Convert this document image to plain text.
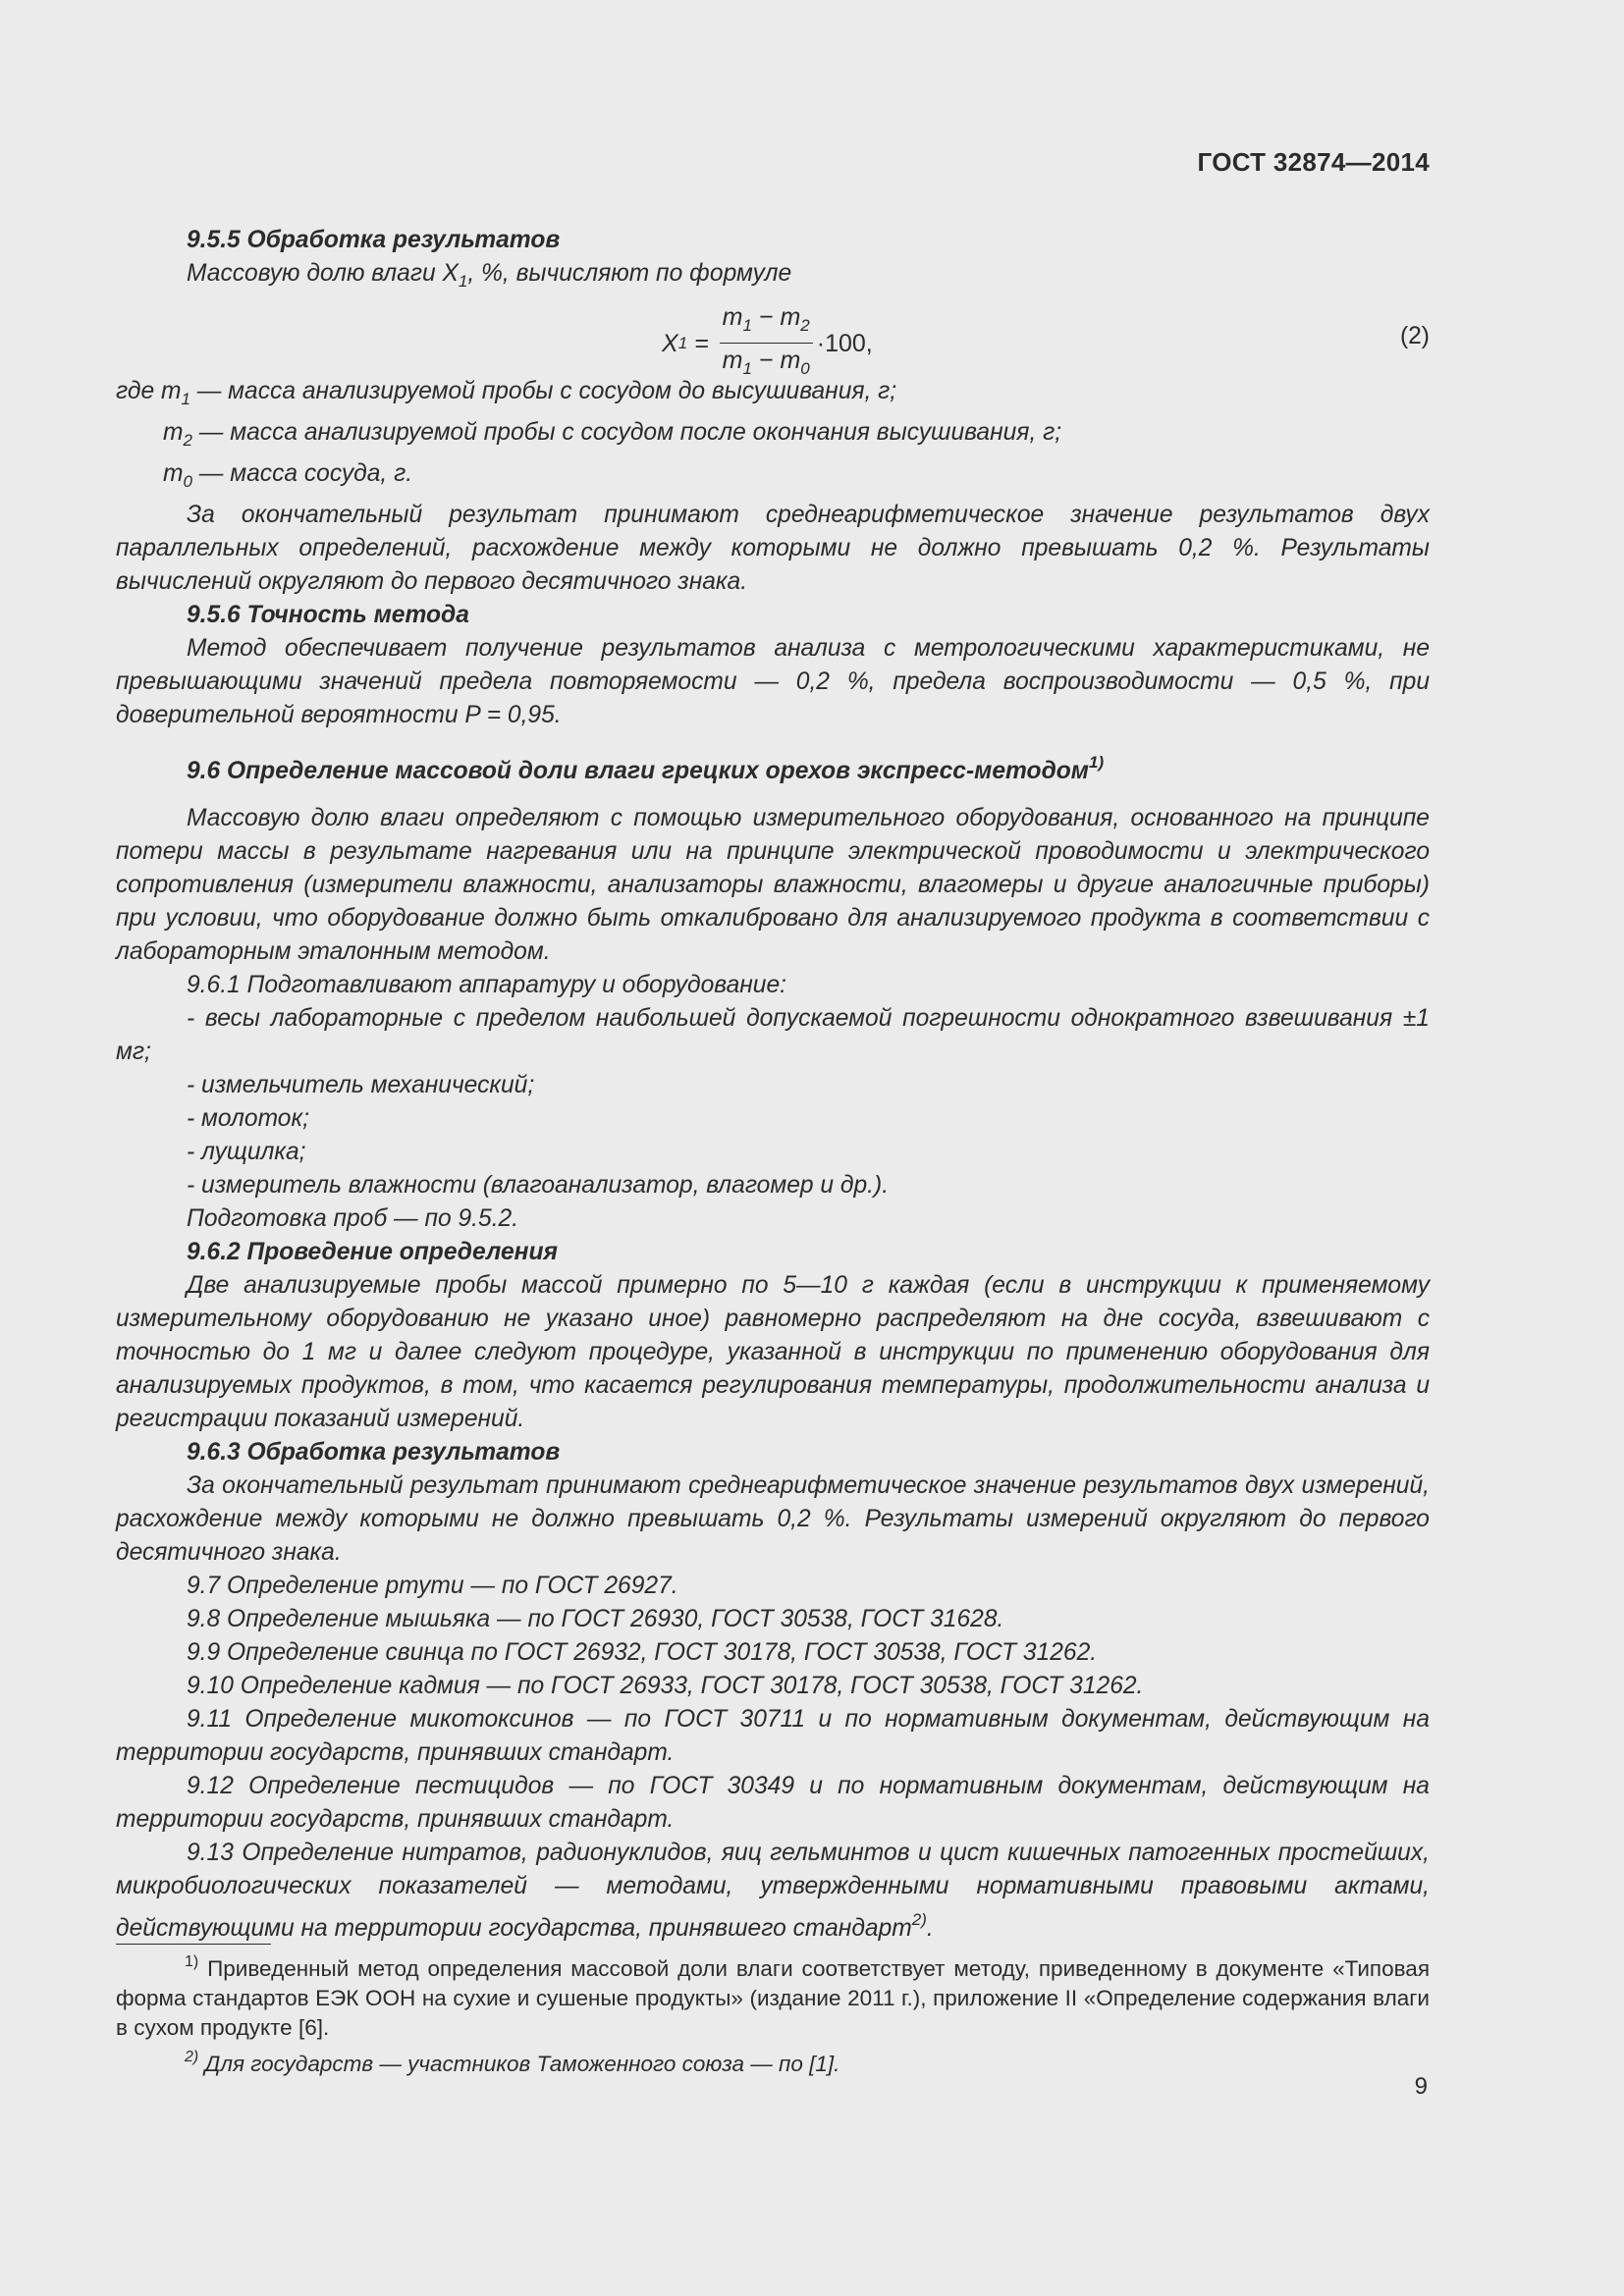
ГОСТ 32874—2014

9.5.5 Обработка результатов

Массовую долю влаги $X_1$, %, вычисляют по формуле

X $1 = \frac{m_1 - m_2}{m_1 - m_0} \cdot 100$,	(2)

где $m_1$ — масса анализируемой пробы с сосудом до высушивания, г;

$m_2$ — масса анализируемой пробы с сосудом после окончания высушивания, г;

$m_0$ — масса сосуда, г.

За окончательный результат принимают среднеарифметическое значение результатов двух параллельных определений, расхождение между которыми не должно превышать 0,2 %. Результаты вычислений округляют до первого десятичного знака.

9.5.6 Точность метода

Метод обеспечивает получение результатов анализа с метрологическими характеристиками, не превышающими значений предела повторяемости — 0,2 %, предела воспроизводимости — 0,5 %, при доверительной вероятности P = 0,95.

9.6 Определение массовой доли влаги грецких орехов экспресс-методом$^{1)}$

Массовую долю влаги определяют с помощью измерительного оборудования, основанного на принципе потери массы в результате нагревания или на принципе электрической проводимости и электрического сопротивления (измерители влажности, анализаторы влажности, влагомеры и другие аналогичные приборы) при условии, что оборудование должно быть откалибровано для анализируемого продукта в соответствии с лабораторным эталонным методом.

9.6.1 Подготавливают аппаратуру и оборудование:

- весы лабораторные с пределом наибольшей допускаемой погрешности однократного взвешивания ±1 мг;

- измельчитель механический;

- молоток;

- лущилка;

- измеритель влажности (влагоанализатор, влагомер и др.).

Подготовка проб — по 9.5.2.

9.6.2 Проведение определения

Две анализируемые пробы массой примерно по 5—10 г каждая (если в инструкции к применяемому измерительному оборудованию не указано иное) равномерно распределяют на дне сосуда, взвешивают с точностью до 1 мг и далее следуют процедуре, указанной в инструкции по применению оборудования для анализируемых продуктов, в том, что касается регулирования температуры, продолжительности анализа и регистрации показаний измерений.

9.6.3 Обработка результатов

За окончательный результат принимают среднеарифметическое значение результатов двух измерений, расхождение между которыми не должно превышать 0,2 %. Результаты измерений округляют до первого десятичного знака.

9.7 Определение ртути — по ГОСТ 26927.

9.8 Определение мышьяка — по ГОСТ 26930, ГОСТ 30538, ГОСТ 31628.

9.9 Определение свинца по ГОСТ 26932, ГОСТ 30178, ГОСТ 30538, ГОСТ 31262.

9.10 Определение кадмия — по ГОСТ 26933, ГОСТ 30178, ГОСТ 30538, ГОСТ 31262.

9.11 Определение микотоксинов — по ГОСТ 30711 и по нормативным документам, действующим на территории государств, принявших стандарт.

9.12 Определение пестицидов — по ГОСТ 30349 и по нормативным документам, действующим на территории государств, принявших стандарт.

9.13 Определение нитратов, радионуклидов, яиц гельминтов и цист кишечных патогенных простейших, микробиологических показателей — методами, утвержденными нормативными правовыми актами, действующими на территории государства, принявшего стандарт$^{2)}$.

$^{1)}$ Приведенный метод определения массовой доли влаги соответствует методу, приведенному в документе «Типовая форма стандартов ЕЭК ООН на сухие и сушеные продукты» (издание 2011 г.), приложение II «Определение содержания влаги в сухом продукте [6].

$^{2)}$ Для государств — участников Таможенного союза — по [1].

9
